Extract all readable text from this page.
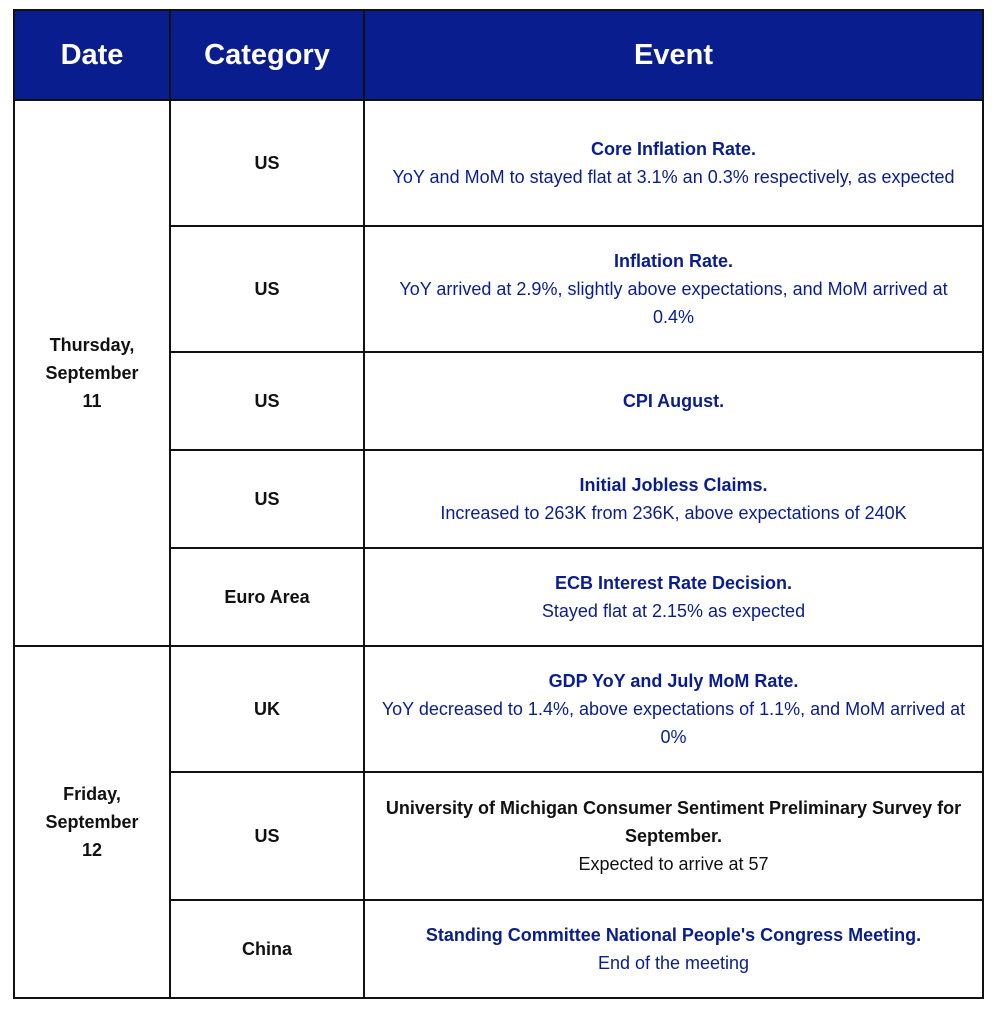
Date	Category	Event
Thursday, September 11	US	Core Inflation Rate.
YoY and MoM to stayed flat at 3.1% an 0.3% respectively, as expected

	US	Inflation Rate.
YoY arrived at 2.9%, slightly above expectations, and MoM arrived at 0.4%

	US	CPI August.

	US	Initial Jobless Claims.
Increased to 263K from 236K, above expectations of 240K

	Euro Area	ECB Interest Rate Decision.
Stayed flat at 2.15% as expected

Friday, September 12	UK	GDP YoY and July MoM Rate.
YoY decreased to 1.4%, above expectations of 1.1%, and MoM arrived at 0%

	US	University of Michigan Consumer Sentiment Preliminary Survey for September.
Expected to arrive at 57

	China	Standing Committee National People's Congress Meeting.
End of the meeting
